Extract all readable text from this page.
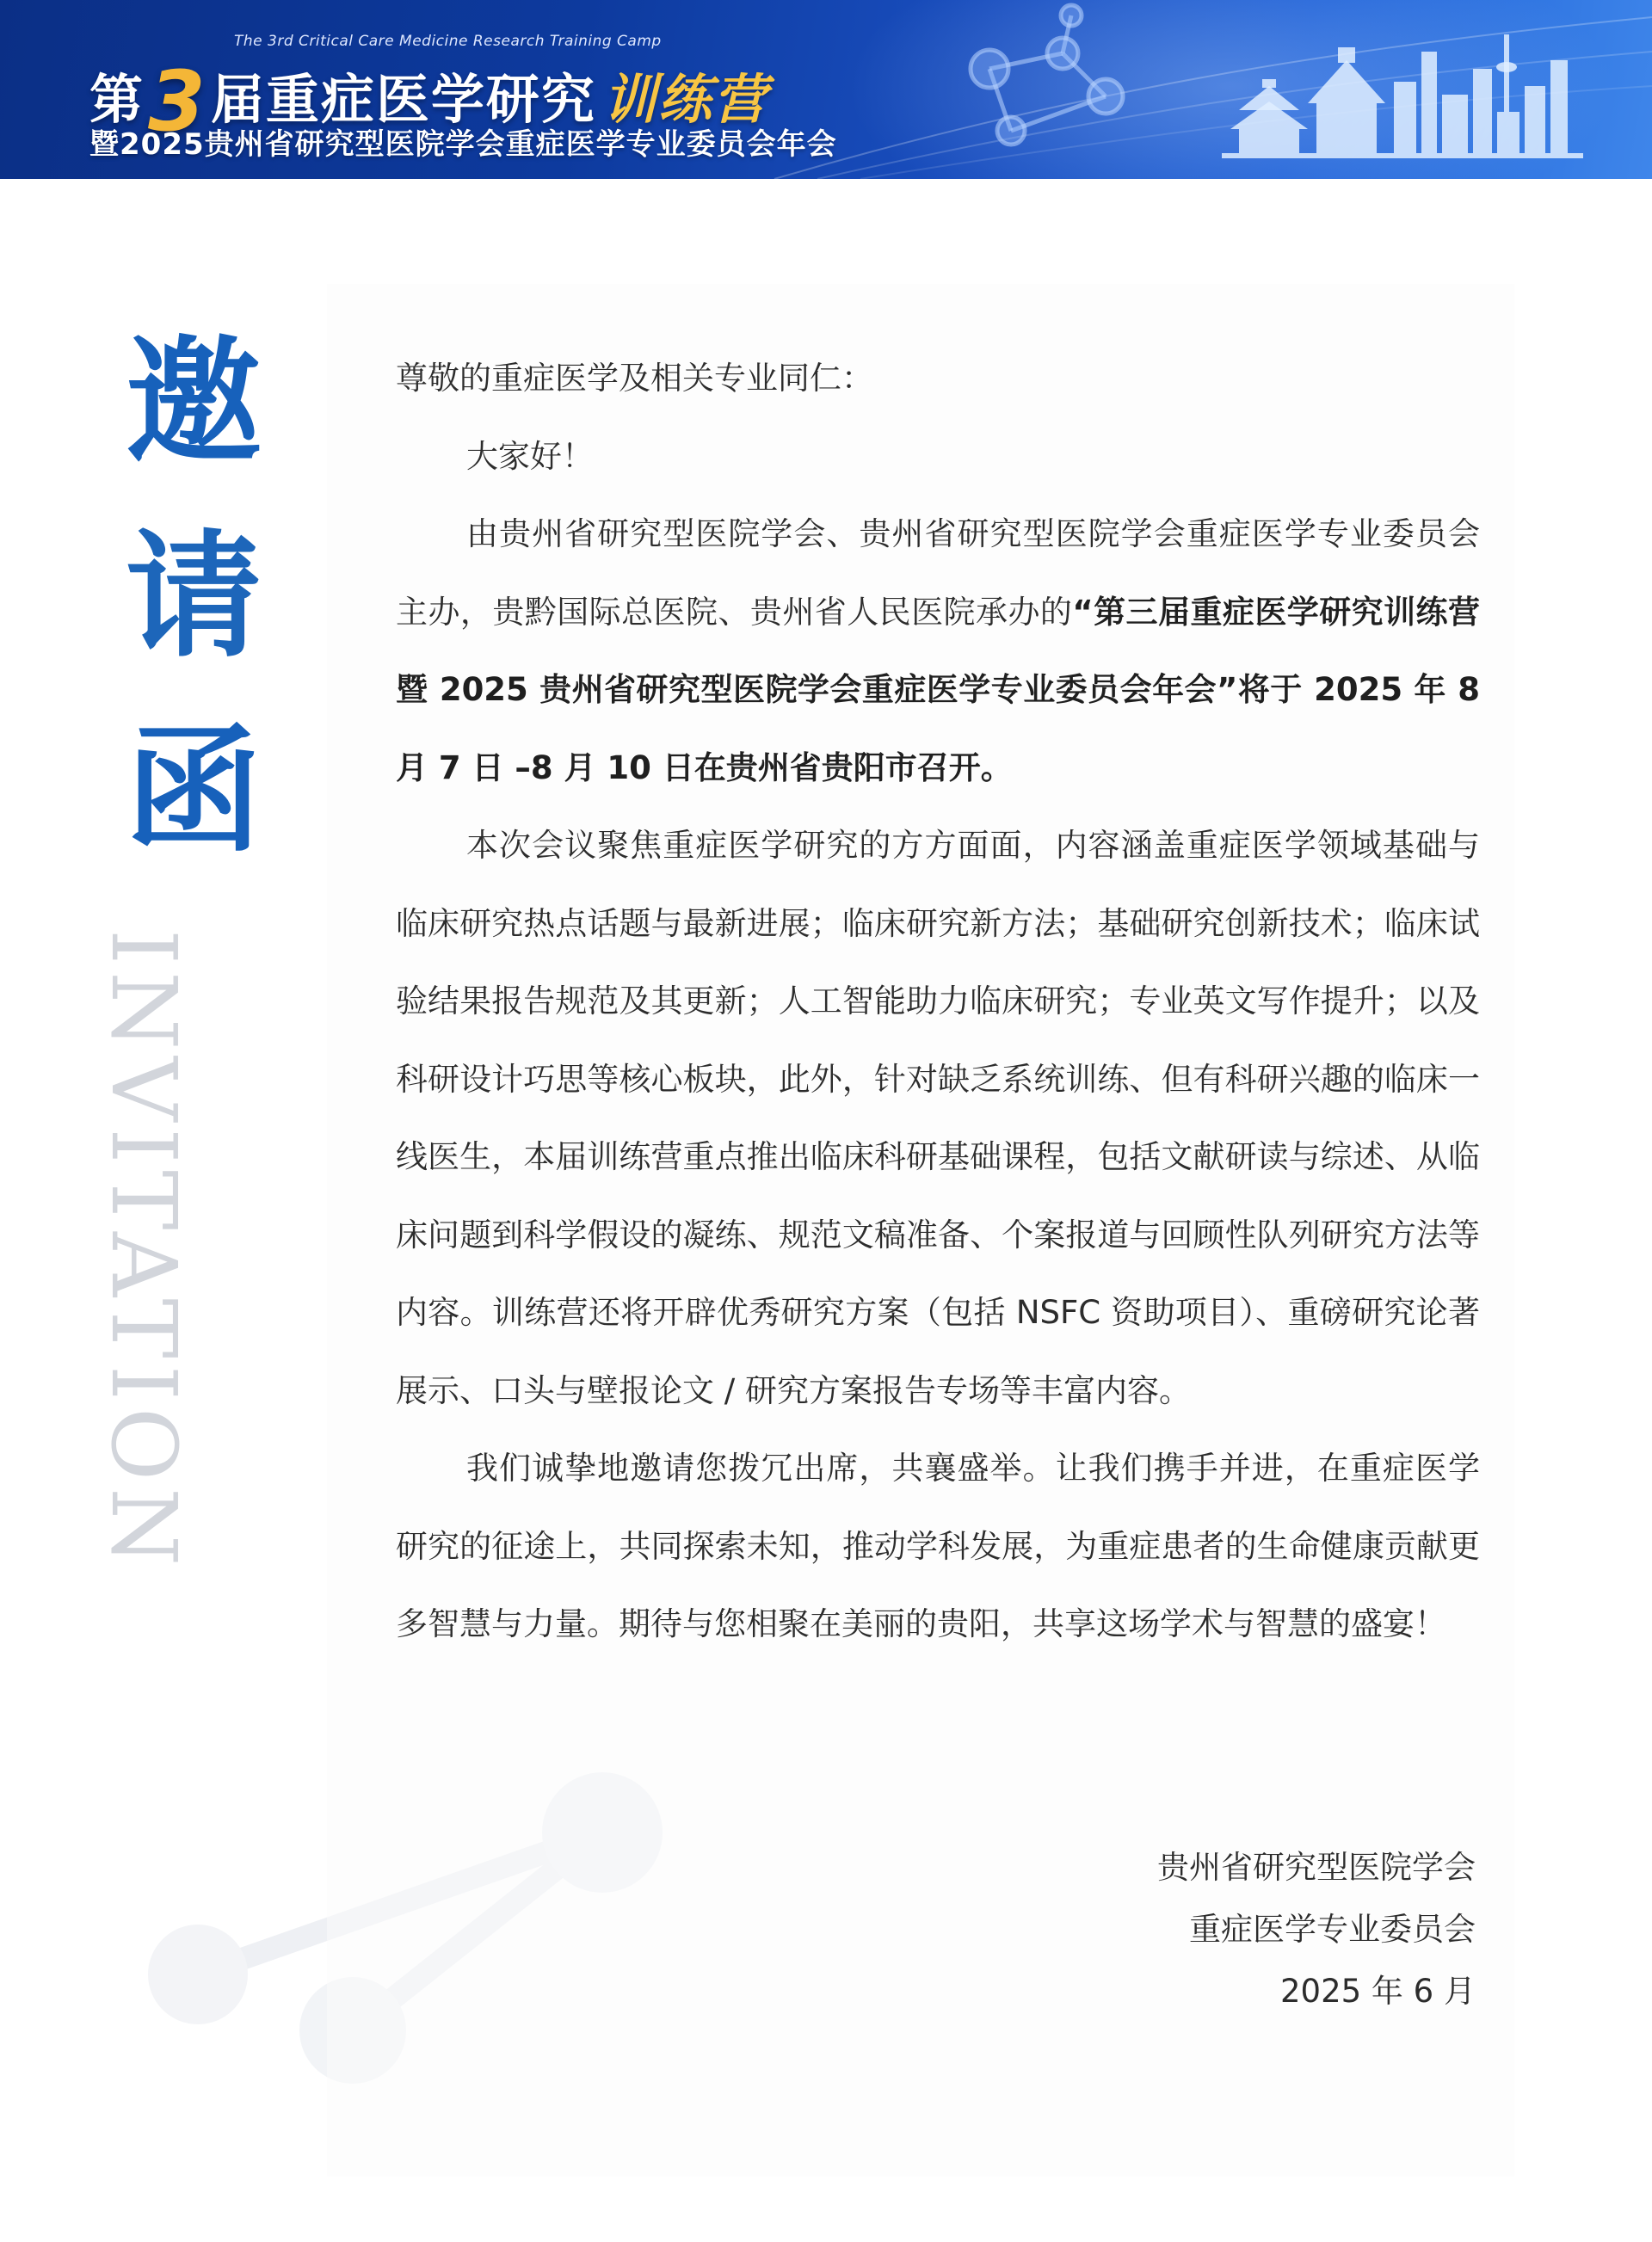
The 3rd Critical Care Medicine Research Training Camp
第3届重症医学研究 训练营
暨2025贵州省研究型医院学会重症医学专业委员会年会
邀
请
函
INVITATION

尊敬的重症医学及相关专业同仁：

大家好！

由贵州省研究型医院学会、贵州省研究型医院学会重症医学专业委员会主办，贵黔国际总医院、贵州省人民医院承办的“第三届重症医学研究训练营暨 2025 贵州省研究型医院学会重症医学专业委员会年会”将于 2025 年 8 月 7 日 –8 月 10 日在贵州省贵阳市召开。

本次会议聚焦重症医学研究的方方面面，内容涵盖重症医学领域基础与临床研究热点话题与最新进展；临床研究新方法；基础研究创新技术；临床试验结果报告规范及其更新；人工智能助力临床研究；专业英文写作提升；以及科研设计巧思等核心板块，此外，针对缺乏系统训练、但有科研兴趣的临床一线医生，本届训练营重点推出临床科研基础课程，包括文献研读与综述、从临床问题到科学假设的凝练、规范文稿准备、个案报道与回顾性队列研究方法等内容。训练营还将开辟优秀研究方案（包括 NSFC 资助项目）、重磅研究论著展示、口头与壁报论文 / 研究方案报告专场等丰富内容。

我们诚挚地邀请您拨冗出席，共襄盛举。让我们携手并进，在重症医学研究的征途上，共同探索未知，推动学科发展，为重症患者的生命健康贡献更多智慧与力量。期待与您相聚在美丽的贵阳，共享这场学术与智慧的盛宴！

贵州省研究型医院学会
重症医学专业委员会
2025 年 6 月
